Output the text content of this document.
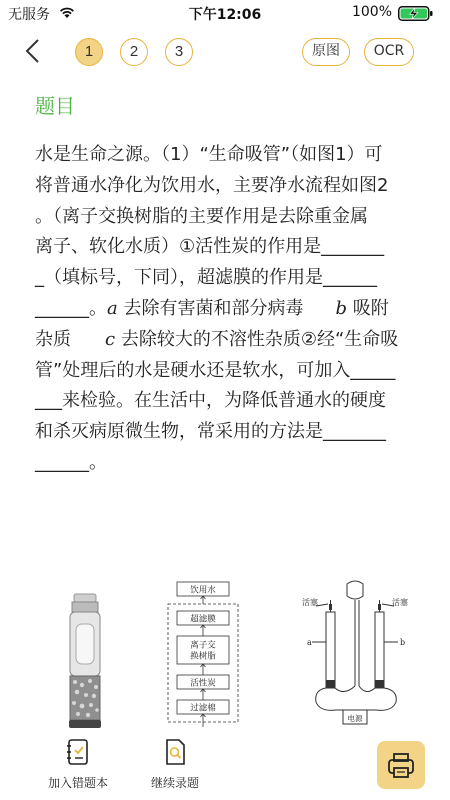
无服务	下午12:06	100%
1	2	3	原图	OCR
题目
水是生命之源。（1）“生命吸管”（如图1）可
将普通水净化为饮用水，主要净水流程如图2
。（离子交换树脂的主要作用是去除重金属
离子、软化水质）①活性炭的作用是_______
_（填标号，下同），超滤膜的作用是______
______。a 去除有害菌和部分病毒 b 吸附
杂质 c 去除较大的不溶性杂质②经“生命吸
管”处理后的水是硬水还是软水，可加入_____
___来检验。在生活中，为降低普通水的硬度
和杀灭病原微生物，常采用的方法是_______
______。
饮用水
超滤膜
离子交
换树脂
活性炭
过滤棉
活塞	活塞
a	b
电源
加入错题本	继续录题
